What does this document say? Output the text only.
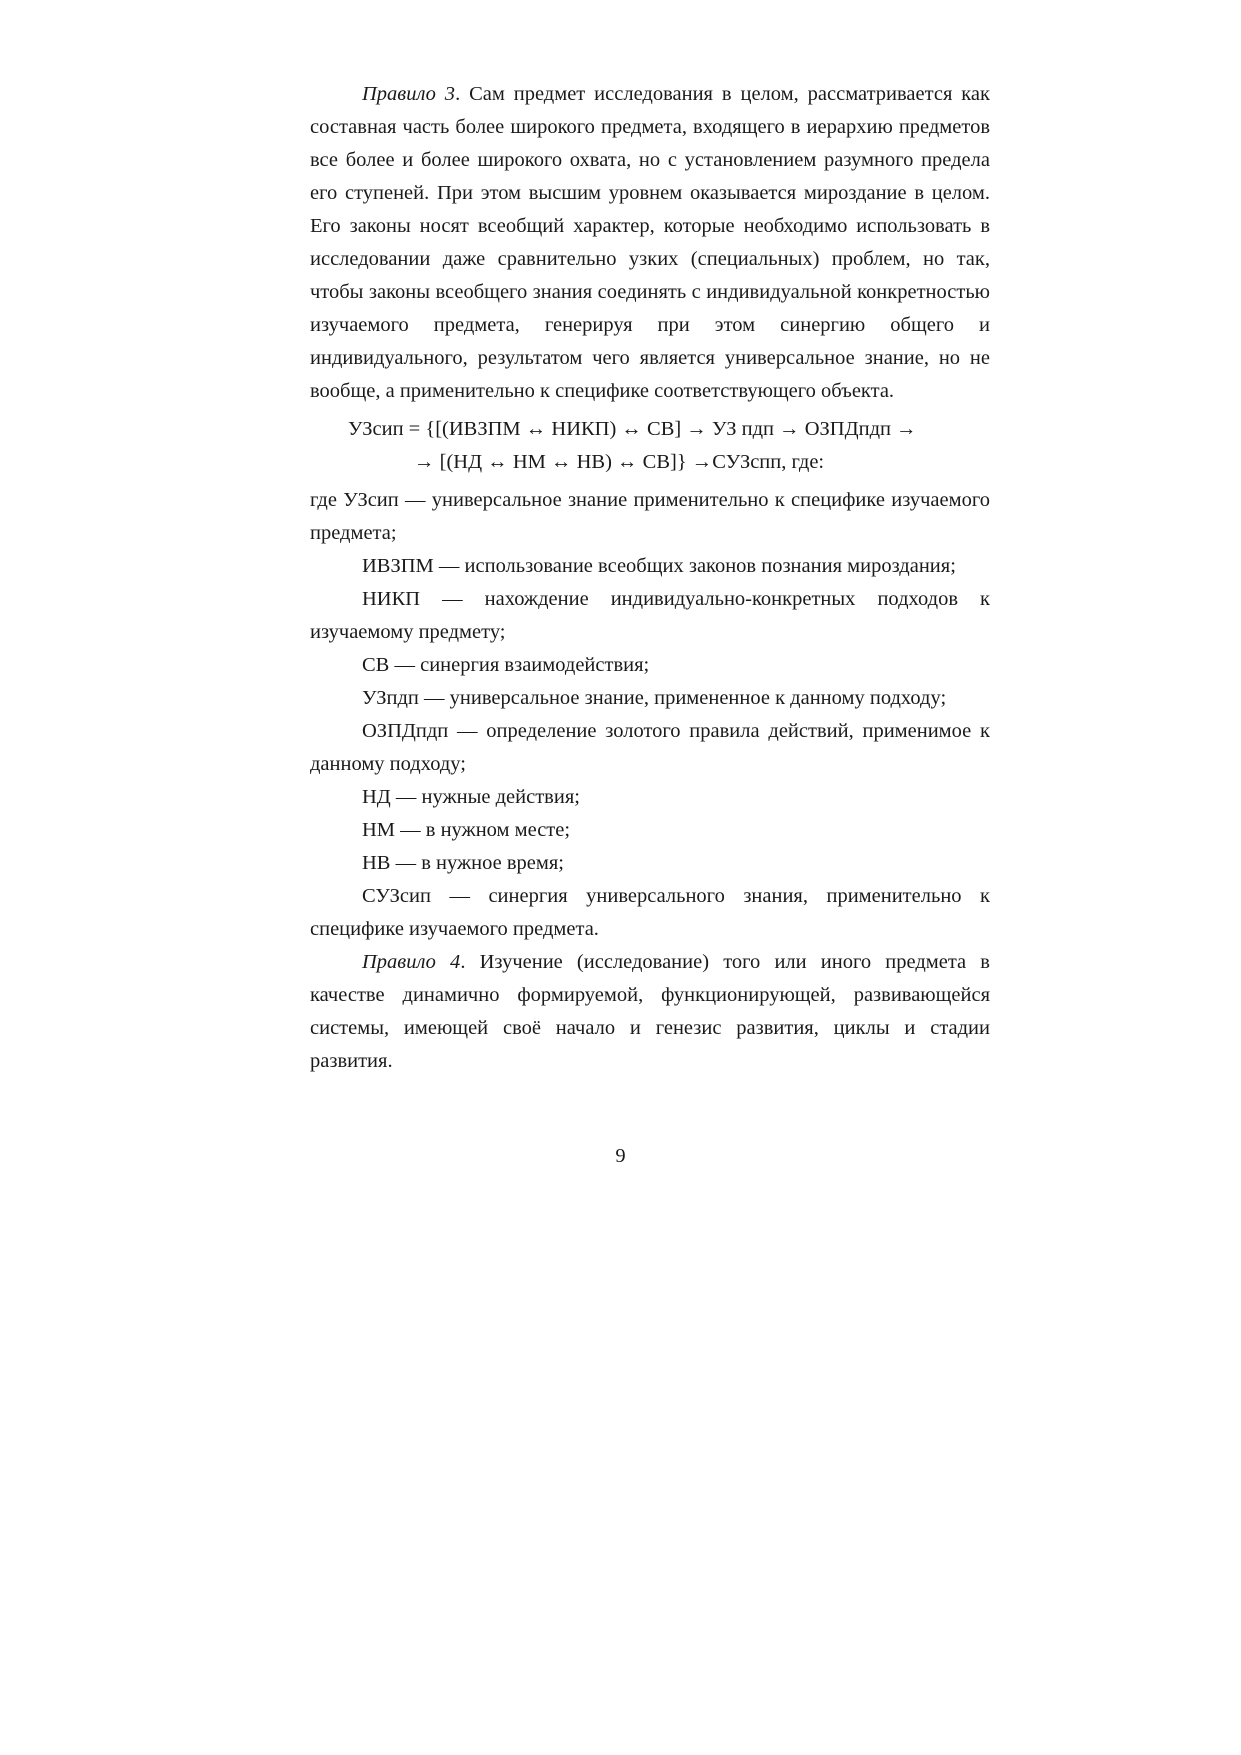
Правило 3. Сам предмет исследования в целом, рассматривается как составная часть более широкого предмета, входящего в иерархию предметов все более и более широкого охвата, но с установлением разумного предела его ступеней. При этом высшим уровнем оказывается мироздание в целом. Его законы носят всеобщий характер, которые необходимо использовать в исследовании даже сравнительно узких (специальных) проблем, но так, чтобы законы всеобщего знания соединять с индивидуальной конкретностью изучаемого предмета, генерируя при этом синергию общего и индивидуального, результатом чего является универсальное знание, но не вообще, а применительно к специфике соответствующего объекта.

УЗсип = {[(ИВЗПМ ↔ НИКП) ↔ СВ] → УЗ пдп → ОЗПДпдп →
→ [(НД ↔ НМ ↔ НВ) ↔ СВ]} →СУЗспп, где:

где УЗсип — универсальное знание применительно к специфике изучаемого предмета;

ИВЗПМ — использование всеобщих законов познания мироздания;

НИКП — нахождение индивидуально-конкретных подходов к изучаемому предмету;

СВ — синергия взаимодействия;

УЗпдп — универсальное знание, примененное к данному подходу;

ОЗПДпдп — определение золотого правила действий, применимое к данному подходу;

НД — нужные действия;

НМ — в нужном месте;

НВ — в нужное время;

СУЗсип — синергия универсального знания, применительно к специфике изучаемого предмета.

Правило 4. Изучение (исследование) того или иного предмета в качестве динамично формируемой, функционирующей, развивающейся системы, имеющей своё начало и генезис развития, циклы и стадии развития.

9
